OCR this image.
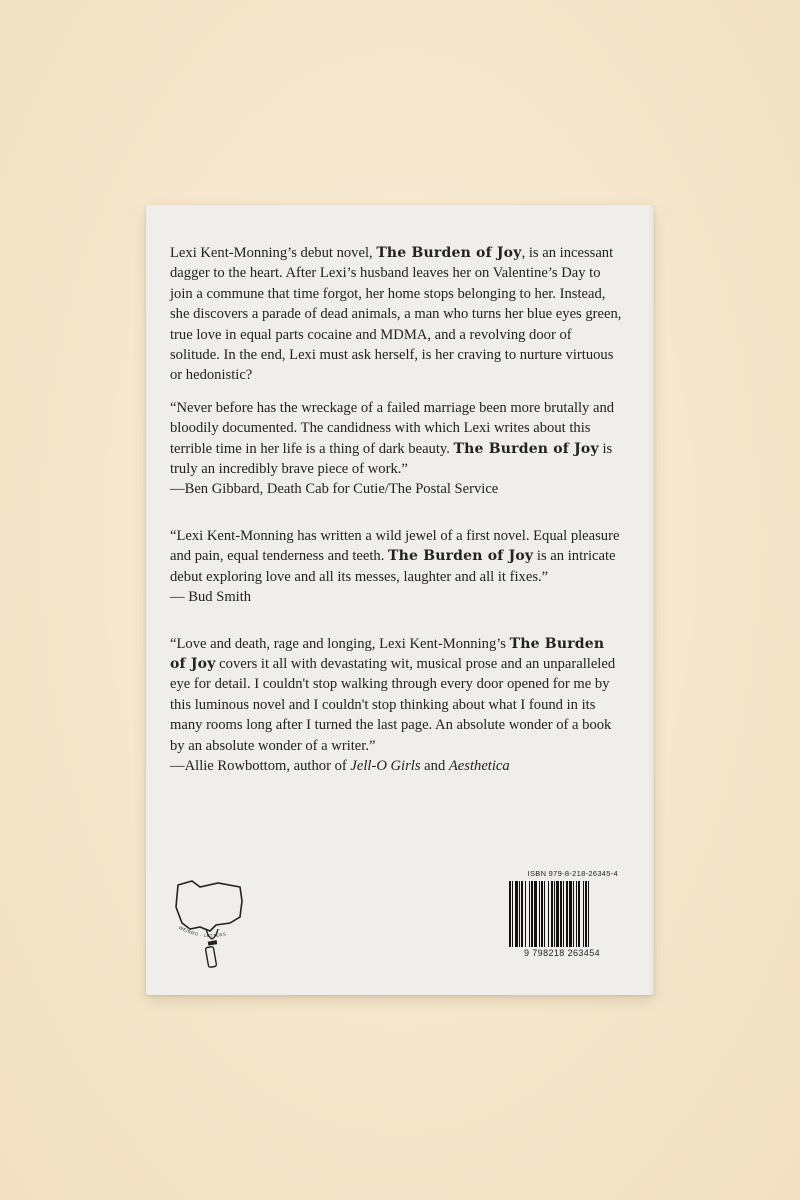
Lexi Kent-Monning’s debut novel, The Burden of Joy, is an incessant dagger to the heart. After Lexi’s husband leaves her on Valentine’s Day to join a commune that time forgot, her home stops belonging to her. Instead, she discovers a parade of dead animals, a man who turns her blue eyes green, true love in equal parts cocaine and MDMA, and a revolving door of solitude. In the end, Lexi must ask herself, is her craving to nurture virtuous or hedonistic?

“Never before has the wreckage of a failed marriage been more brutally and bloodily documented. The candidness with which Lexi writes about this terrible time in her life is a thing of dark beauty. The Burden of Joy is truly an incredibly brave piece of work.”
—Ben Gibbard, Death Cab for Cutie/The Postal Service

“Lexi Kent-Monning has written a wild jewel of a first novel. Equal pleasure and pain, equal tenderness and teeth. The Burden of Joy is an intricate debut exploring love and all its messes, laughter and all it fixes.”
— Bud Smith

“Love and death, rage and longing, Lexi Kent-Monning’s The Burden of Joy covers it all with devastating wit, musical prose and an unparalleled eye for detail. I couldn't stop walking through every door opened for me by this luminous novel and I couldn't stop thinking about what I found in its many rooms long after I turned the last page. An absolute wonder of a book by an absolute wonder of a writer.”
—Allie Rowbottom, author of Jell-O Girls and Aesthetica

ISBN 979-8-218-26345-4
9 798218 263454
WEIRDO · LETTERS
